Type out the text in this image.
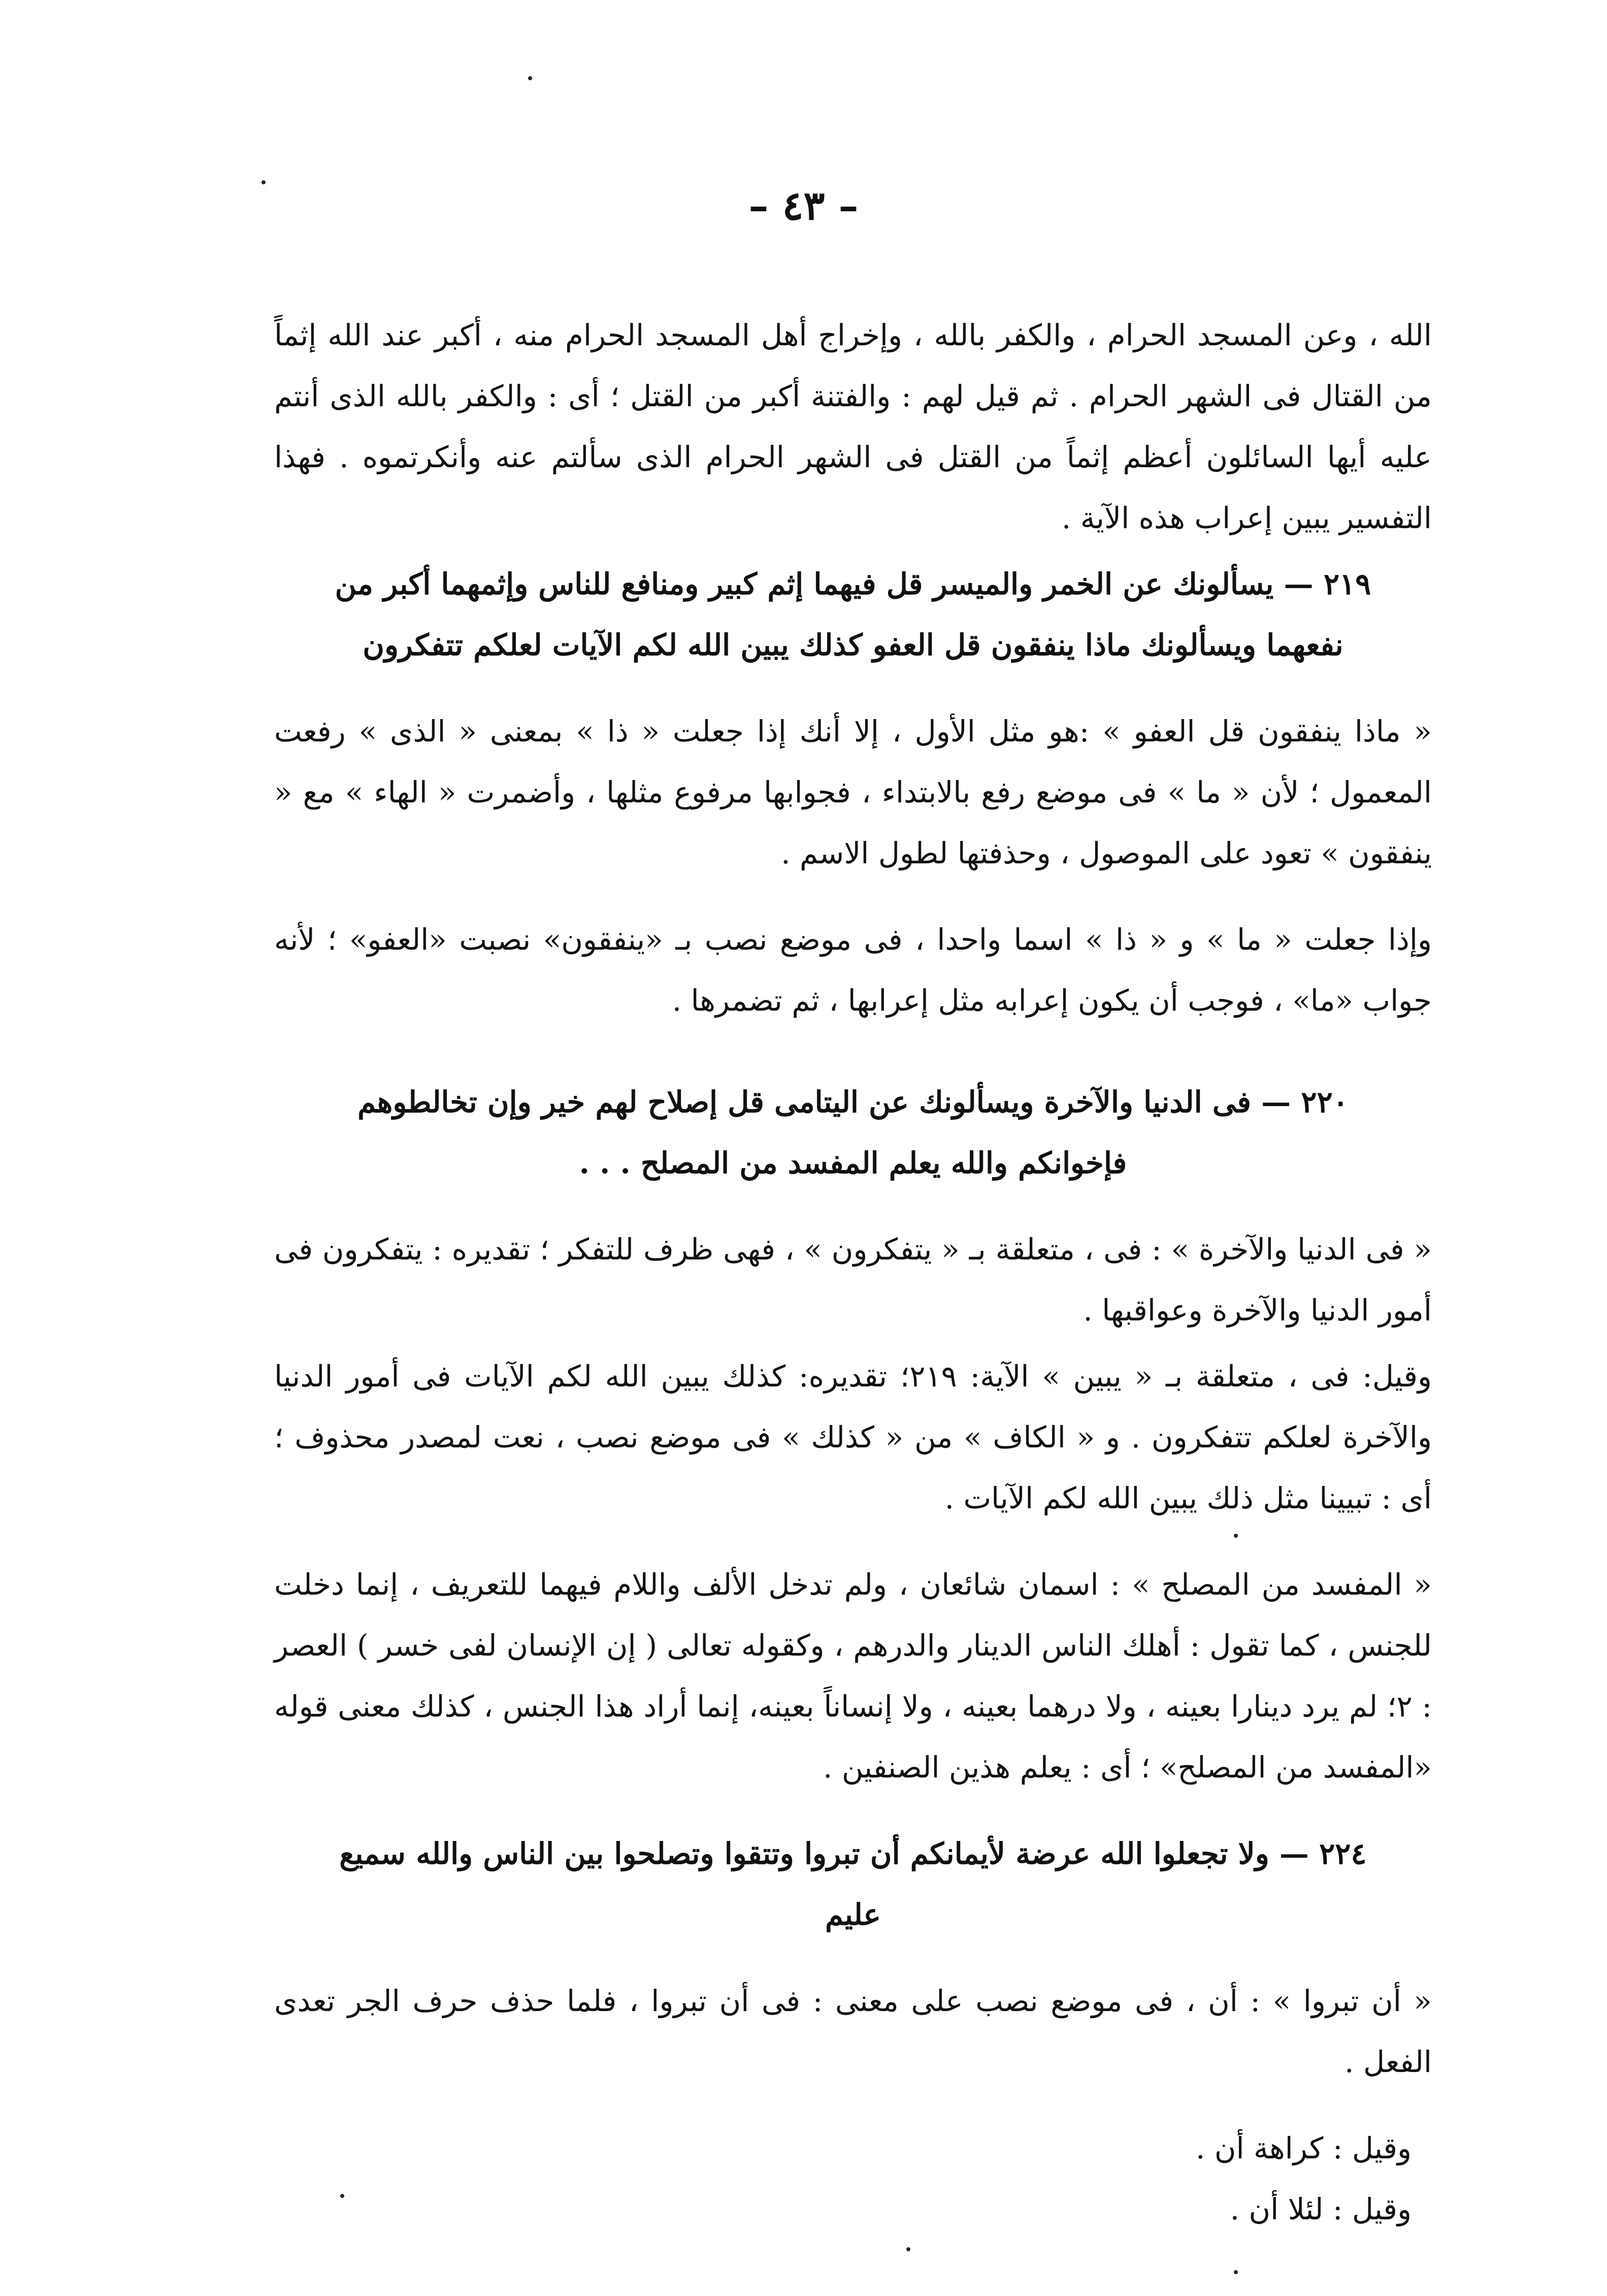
– ٤٣ –

الله ، وعن المسجد الحرام ، والكفر بالله ، وإخراج أهل المسجد الحرام منه ، أكبر عند الله إثماً من القتال فى الشهر الحرام . ثم قيل لهم : والفتنة أكبر من القتل ؛ أى : والكفر بالله الذى أنتم عليه أيها السائلون أعظم إثماً من القتل فى الشهر الحرام الذى سألتم عنه وأنكرتموه . فهذا التفسير يبين إعراب هذه الآية .

٢١٩ — يسألونك عن الخمر والميسر قل فيهما إثم كبير ومنافع للناس وإثمهما أكبر من نفعهما ويسألونك ماذا ينفقون قل العفو كذلك يبين الله لكم الآيات لعلكم تتفكرون

« ماذا ينفقون قل العفو » :هو مثل الأول ، إلا أنك إذا جعلت « ذا » بمعنى « الذى » رفعت المعمول ؛ لأن « ما » فى موضع رفع بالابتداء ، فجوابها مرفوع مثلها ، وأضمرت « الهاء » مع « ينفقون » تعود على الموصول ، وحذفتها لطول الاسم .

وإذا جعلت « ما » و « ذا » اسما واحدا ، فى موضع نصب بـ «ينفقون» نصبت «العفو» ؛ لأنه جواب «ما» ، فوجب أن يكون إعرابه مثل إعرابها ، ثم تضمرها .

٢٢٠ — فى الدنيا والآخرة ويسألونك عن اليتامى قل إصلاح لهم خير وإن تخالطوهم فإخوانكم والله يعلم المفسد من المصلح . . .

« فى الدنيا والآخرة » : فى ، متعلقة بـ « يتفكرون » ، فهى ظرف للتفكر ؛ تقديره : يتفكرون فى أمور الدنيا والآخرة وعواقبها .

وقيل: فى ، متعلقة بـ « يبين » الآية: ٢١٩؛ تقديره: كذلك يبين الله لكم الآيات فى أمور الدنيا والآخرة لعلكم تتفكرون . و « الكاف » من « كذلك » فى موضع نصب ، نعت لمصدر محذوف ؛ أى : تبيينا مثل ذلك يبين الله لكم الآيات .

« المفسد من المصلح » : اسمان شائعان ، ولم تدخل الألف واللام فيهما للتعريف ، إنما دخلت للجنس ، كما تقول : أهلك الناس الدينار والدرهم ، وكقوله تعالى ( إن الإنسان لفى خسر ) العصر : ٢؛ لم يرد دينارا بعينه ، ولا درهما بعينه ، ولا إنساناً بعينه، إنما أراد هذا الجنس ، كذلك معنى قوله «المفسد من المصلح» ؛ أى : يعلم هذين الصنفين .

٢٢٤ — ولا تجعلوا الله عرضة لأيمانكم أن تبروا وتتقوا وتصلحوا بين الناس والله سميع عليم

« أن تبروا » : أن ، فى موضع نصب على معنى : فى أن تبروا ، فلما حذف حرف الجر تعدى الفعل .

وقيل : كراهة أن .

وقيل : لئلا أن .
